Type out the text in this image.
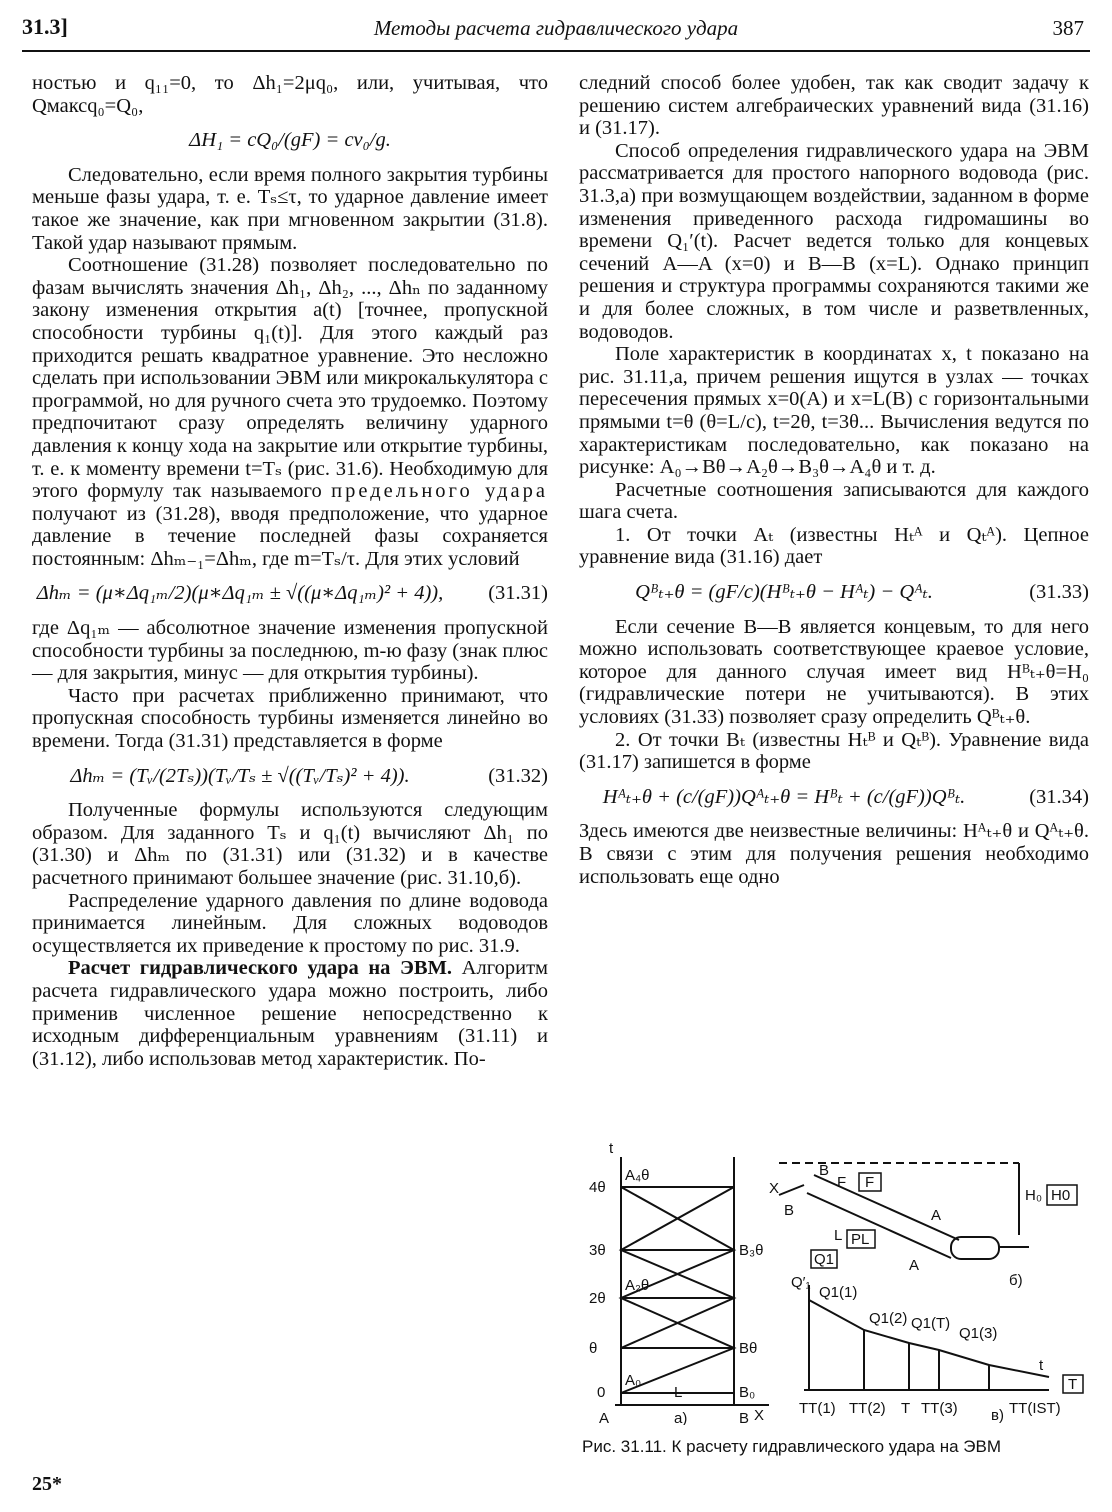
31.3]	Методы расчета гидравлического удара	387

ностью и q₁₁=0, то Δh₁=2μq₀, или, учитывая, что Qмаксq₀=Q₀,

ΔH₁ = cQ₀/(gF) = cv₀/g.

Следовательно, если время полного закрытия турбины меньше фазы удара, т. е. Tₛ≤τ, то ударное давление имеет такое же значение, как при мгновенном закрытии (31.8). Такой удар называют прямым.

Соотношение (31.28) позволяет последовательно по фазам вычислять значения Δh₁, Δh₂, ..., Δhₙ по заданному закону изменения открытия a(t) [точнее, пропускной способности турбины q₁(t)]. Для этого каждый раз приходится решать квадратное уравнение. Это несложно сделать при использовании ЭВМ или микрокалькулятора с программой, но для ручного счета это трудоемко. Поэтому предпочитают сразу определять величину ударного давления к концу хода на закрытие или открытие турбины, т. е. к моменту времени t=Tₛ (рис. 31.6). Необходимую для этого формулу так называемого предельного удара получают из (31.28), вводя предположение, что ударное давление в течение последней фазы сохраняется постоянным: Δhₘ₋₁=Δhₘ, где m=Tₛ/τ. Для этих условий

Δhₘ = (μ∗Δq₁ₘ/2)(μ∗Δq₁ₘ ± √((μ∗Δq₁ₘ)² + 4)),	(31.31)

где Δq₁ₘ — абсолютное значение изменения пропускной способности турбины за последнюю, m-ю фазу (знак плюс — для закрытия, минус — для открытия турбины).

Часто при расчетах приближенно принимают, что пропускная способность турбины изменяется линейно во времени. Тогда (31.31) представляется в форме

Δhₘ = (Tᵥ/(2Tₛ))(Tᵥ/Tₛ ± √((Tᵥ/Tₛ)² + 4)).	(31.32)

Полученные формулы используются следующим образом. Для заданного Tₛ и q₁(t) вычисляют Δh₁ по (31.30) и Δhₘ по (31.31) или (31.32) и в качестве расчетного принимают большее значение (рис. 31.10,б).

Распределение ударного давления по длине водовода принимается линейным. Для сложных водоводов осуществляется их приведение к простому по рис. 31.9.

Расчет гидравлического удара на ЭВМ. Алгоритм расчета гидравлического удара можно построить, либо применив численное решение непосредственно к исходным дифференциальным уравнениям (31.11) и (31.12), либо использовав метод характеристик. По-

следний способ более удобен, так как сводит задачу к решению систем алгебраических уравнений вида (31.16) и (31.17).

Способ определения гидравлического удара на ЭВМ рассматривается для простого напорного водовода (рис. 31.3,а) при возмущающем воздействии, заданном в форме изменения приведенного расхода гидромашины во времени Q₁′(t). Расчет ведется только для концевых сечений A—A (x=0) и B—B (x=L). Однако принцип решения и структура программы сохраняются такими же и для более сложных, в том числе и разветвленных, водоводов.

Поле характеристик в координатах x, t показано на рис. 31.11,а, причем решения ищутся в узлах — точках пересечения прямых x=0(A) и x=L(B) с горизонтальными прямыми t=θ (θ=L/c), t=2θ, t=3θ... Вычисления ведутся по характеристикам последовательно, как показано на рисунке: A₀→Bθ→A₂θ→B₃θ→A₄θ и т. д.

Расчетные соотношения записываются для каждого шага счета.

1. От точки Aₜ (известны Hₜᴬ и Qₜᴬ). Цепное уравнение вида (31.16) дает

Qᴮₜ₊θ = (gF/c)(Hᴮₜ₊θ − Hᴬₜ) − Qᴬₜ.	(31.33)

Если сечение B—B является концевым, то для него можно использовать соответствующее краевое условие, которое для данного случая имеет вид Hᴮₜ₊θ=H₀ (гидравлические потери не учитываются). В этих условиях (31.33) позволяет сразу определить Qᴮₜ₊θ.

2. От точки Bₜ (известны Hₜᴮ и Qₜᴮ). Уравнение вида (31.17) запишется в форме

Hᴬₜ₊θ + (c/(gF))Qᴬₜ₊θ = Hᴮₜ + (c/(gF))Qᴮₜ.	(31.34)

Здесь имеются две неизвестные величины: Hᴬₜ₊θ и Qᴬₜ₊θ. В связи с этим для получения решения необходимо использовать еще одно

t
4θ
3θ
2θ
θ
0
A₄θ
B₃θ
A₂θ
Bθ
A₀
B₀
X
A	B
L
a)
B
F F
X
B
L PL
A
A
H₀ H0
б)
Q1
Q′₁
Q1(1)
Q1(2) Q1(T)
Q1(3)
t
T
TT(1) TT(2) T TT(3)	TT(IST)
в)
Рис. 31.11. К расчету гидравлического удара на ЭВМ
25*
